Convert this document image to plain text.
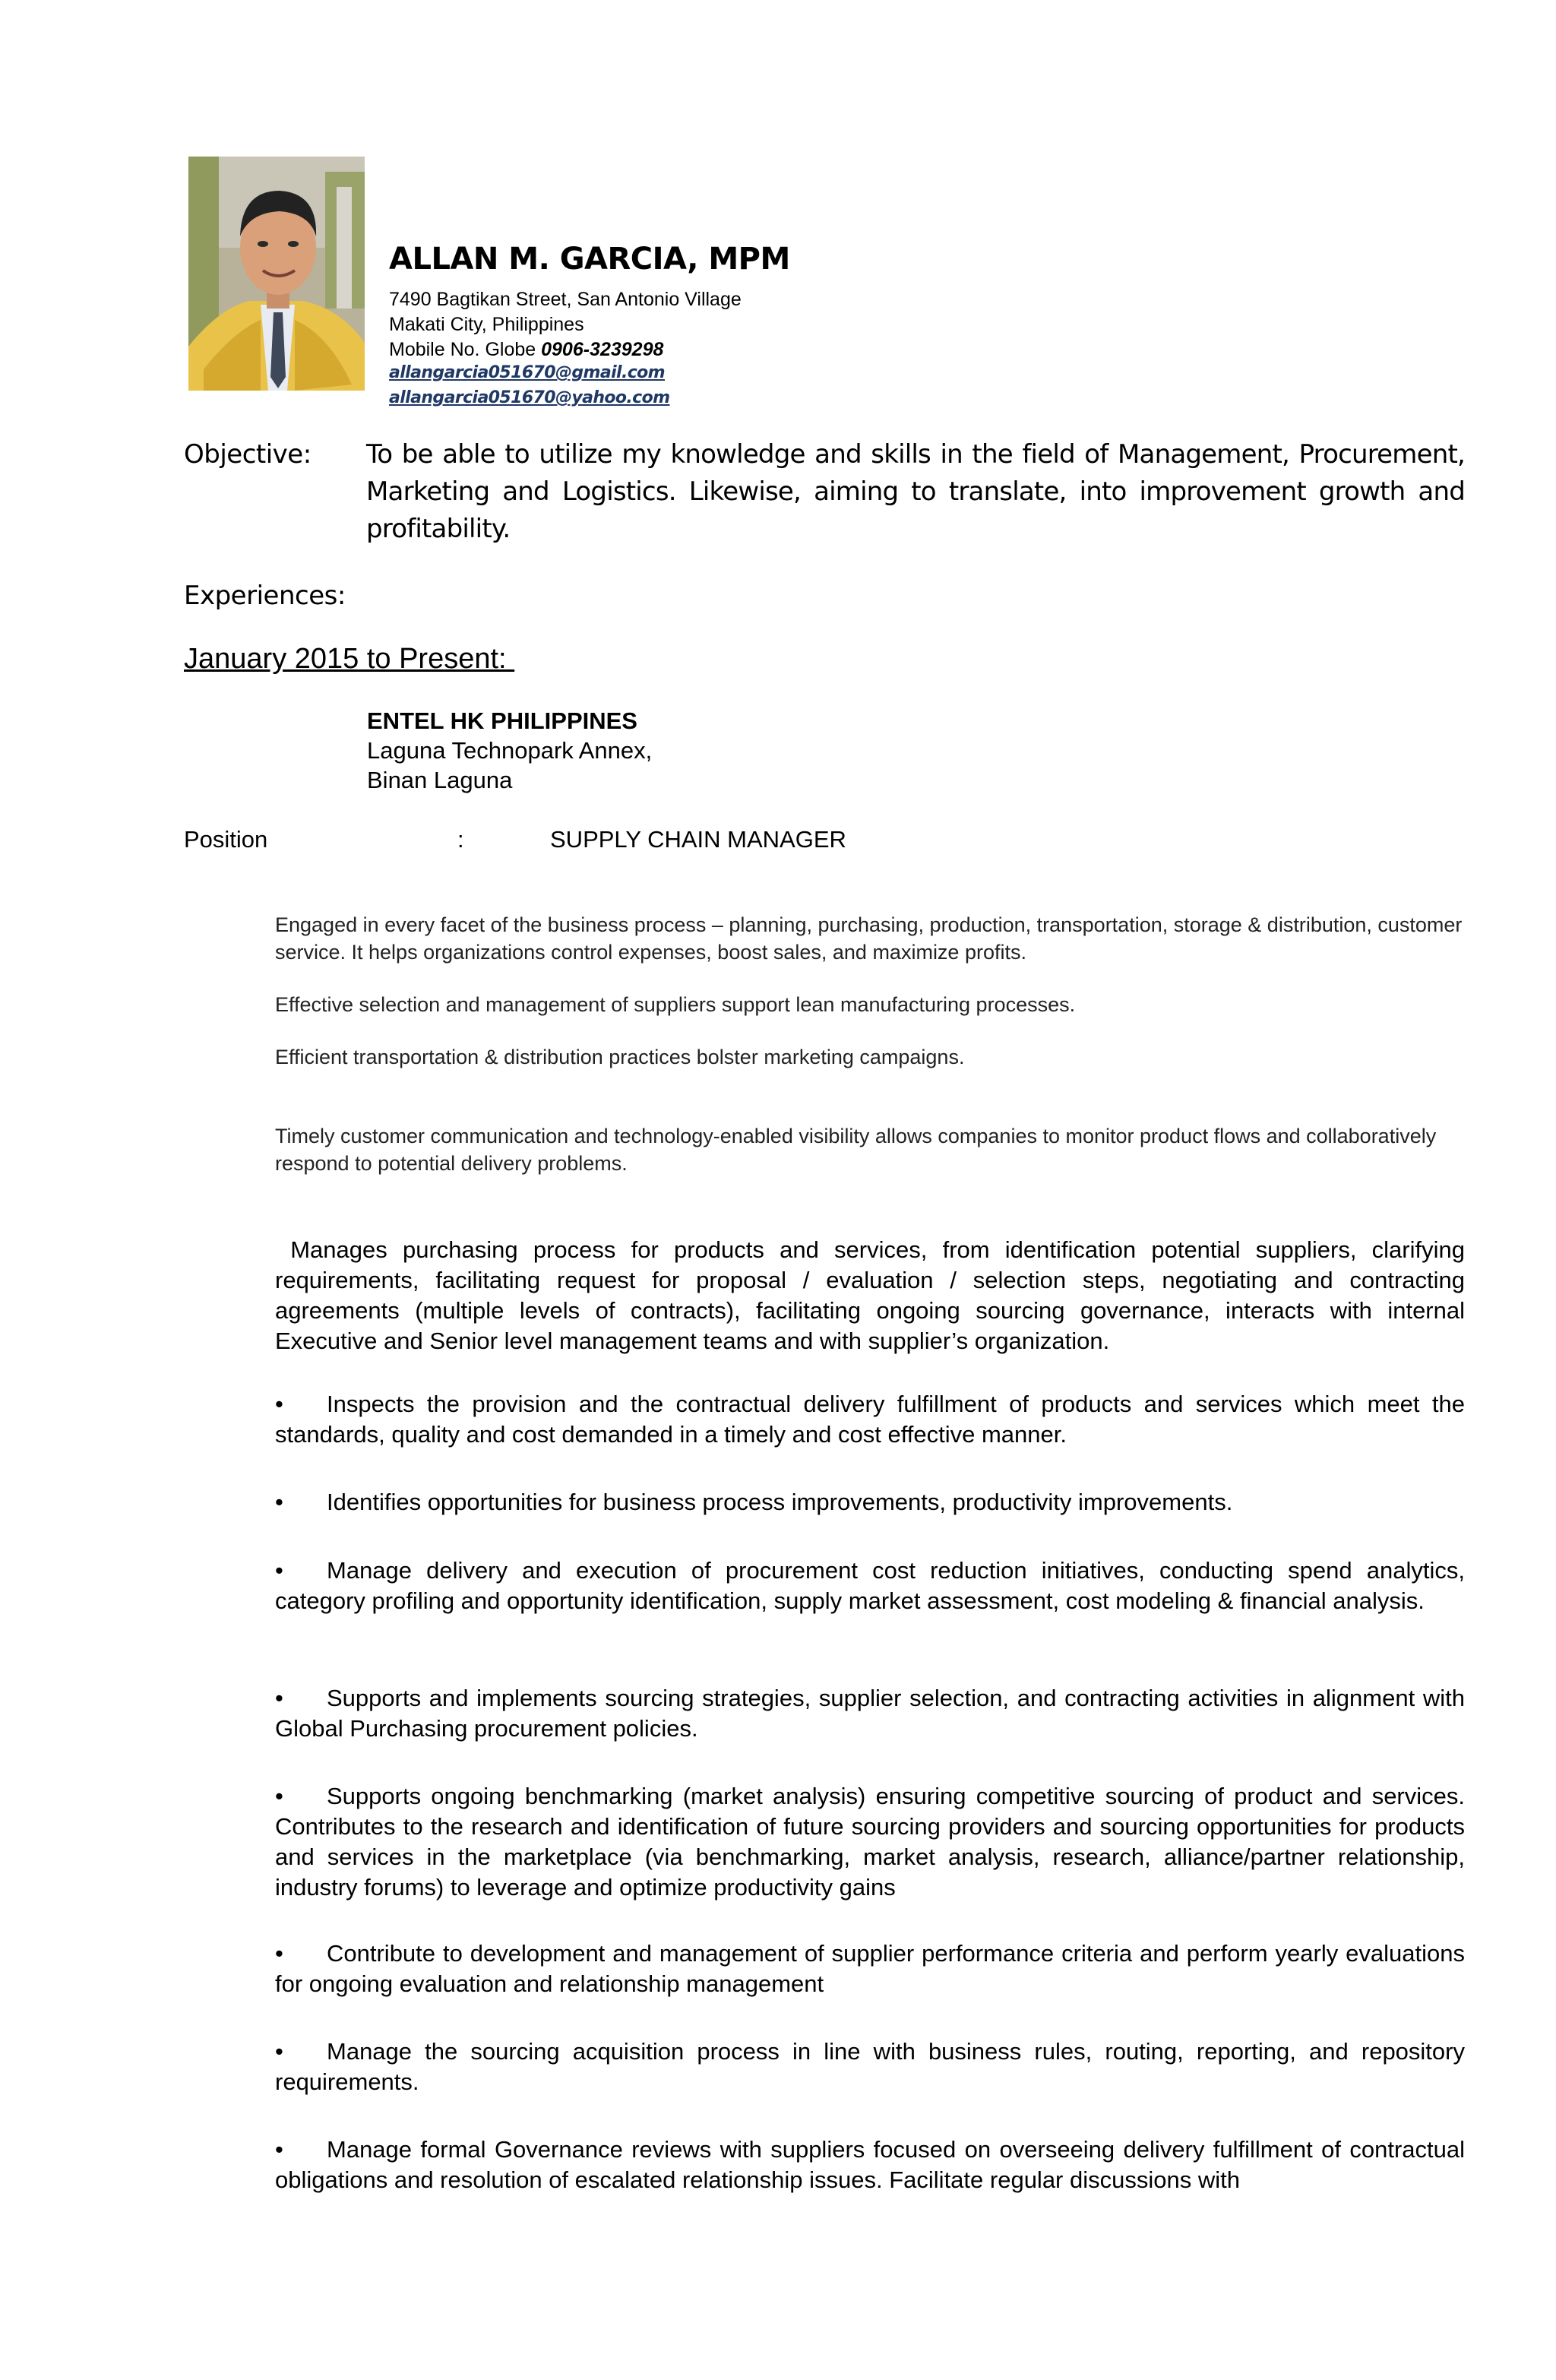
ALLAN M. GARCIA, MPM
7490 Bagtikan Street, San Antonio Village
Makati City, Philippines
Mobile No. Globe 0906-3239298
allangarcia051670@gmail.com
allangarcia051670@yahoo.com
Objective: To be able to utilize my knowledge and skills in the field of Management, Procurement, Marketing and Logistics. Likewise, aiming to translate, into improvement growth and profitability.
Experiences:
January 2015 to Present:
ENTEL HK PHILIPPINES
Laguna Technopark Annex,
Binan Laguna
Position	:	SUPPLY CHAIN MANAGER
Engaged in every facet of the business process – planning, purchasing, production, transportation, storage & distribution, customer service. It helps organizations control expenses, boost sales, and maximize profits.
Effective selection and management of suppliers support lean manufacturing processes.
Efficient transportation & distribution practices bolster marketing campaigns.
Timely customer communication and technology-enabled visibility allows companies to monitor product flows and collaboratively respond to potential delivery problems.
Manages purchasing process for products and services, from identification potential suppliers, clarifying requirements, facilitating request for proposal / evaluation / selection steps, negotiating and contracting agreements (multiple levels of contracts), facilitating ongoing sourcing governance, interacts with internal Executive and Senior level management teams and with supplier’s organization.
• Inspects the provision and the contractual delivery fulfillment of products and services which meet the standards, quality and cost demanded in a timely and cost effective manner.
• Identifies opportunities for business process improvements, productivity improvements.
• Manage delivery and execution of procurement cost reduction initiatives, conducting spend analytics, category profiling and opportunity identification, supply market assessment, cost modeling & financial analysis.
• Supports and implements sourcing strategies, supplier selection, and contracting activities in alignment with Global Purchasing procurement policies.
• Supports ongoing benchmarking (market analysis) ensuring competitive sourcing of product and services. Contributes to the research and identification of future sourcing providers and sourcing opportunities for products and services in the marketplace (via benchmarking, market analysis, research, alliance/partner relationship, industry forums) to leverage and optimize productivity gains
• Contribute to development and management of supplier performance criteria and perform yearly evaluations for ongoing evaluation and relationship management
• Manage the sourcing acquisition process in line with business rules, routing, reporting, and repository requirements.
• Manage formal Governance reviews with suppliers focused on overseeing delivery fulfillment of contractual obligations and resolution of escalated relationship issues. Facilitate regular discussions with
